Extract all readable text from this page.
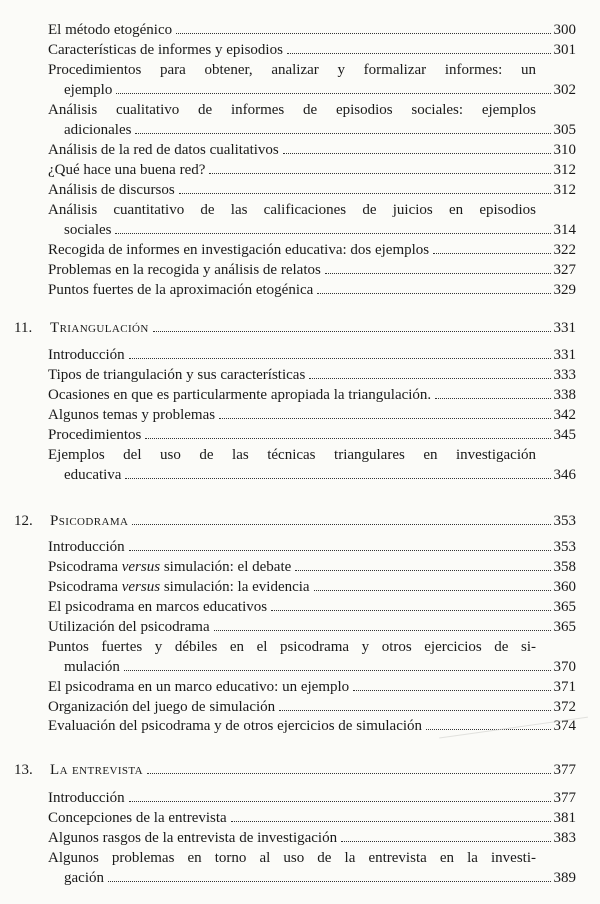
El método etogénico	300
Características de informes y episodios	301
Procedimientos para obtener, analizar y formalizar informes: un
ejemplo	302
Análisis cualitativo de informes de episodios sociales: ejemplos
adicionales	305
Análisis de la red de datos cualitativos	310
¿Qué hace una buena red?	312
Análisis de discursos	312
Análisis cuantitativo de las calificaciones de juicios en episodios
sociales	314
Recogida de informes en investigación educativa: dos ejemplos	322
Problemas en la recogida y análisis de relatos	327
Puntos fuertes de la aproximación etogénica	329
11.	Triangulación	331
Introducción	331
Tipos de triangulación y sus características	333
Ocasiones en que es particularmente apropiada la triangulación.	338
Algunos temas y problemas	342
Procedimientos	345
Ejemplos del uso de las técnicas triangulares en investigación
educativa	346
12.	Psicodrama	353
Introducción	353
Psicodrama versus simulación: el debate	358
Psicodrama versus simulación: la evidencia	360
El psicodrama en marcos educativos	365
Utilización del psicodrama	365
Puntos fuertes y débiles en el psicodrama y otros ejercicios de si-
mulación	370
El psicodrama en un marco educativo: un ejemplo	371
Organización del juego de simulación	372
Evaluación del psicodrama y de otros ejercicios de simulación	374
13.	La entrevista	377
Introducción	377
Concepciones de la entrevista	381
Algunos rasgos de la entrevista de investigación	383
Algunos problemas en torno al uso de la entrevista en la investi-
gación	389
